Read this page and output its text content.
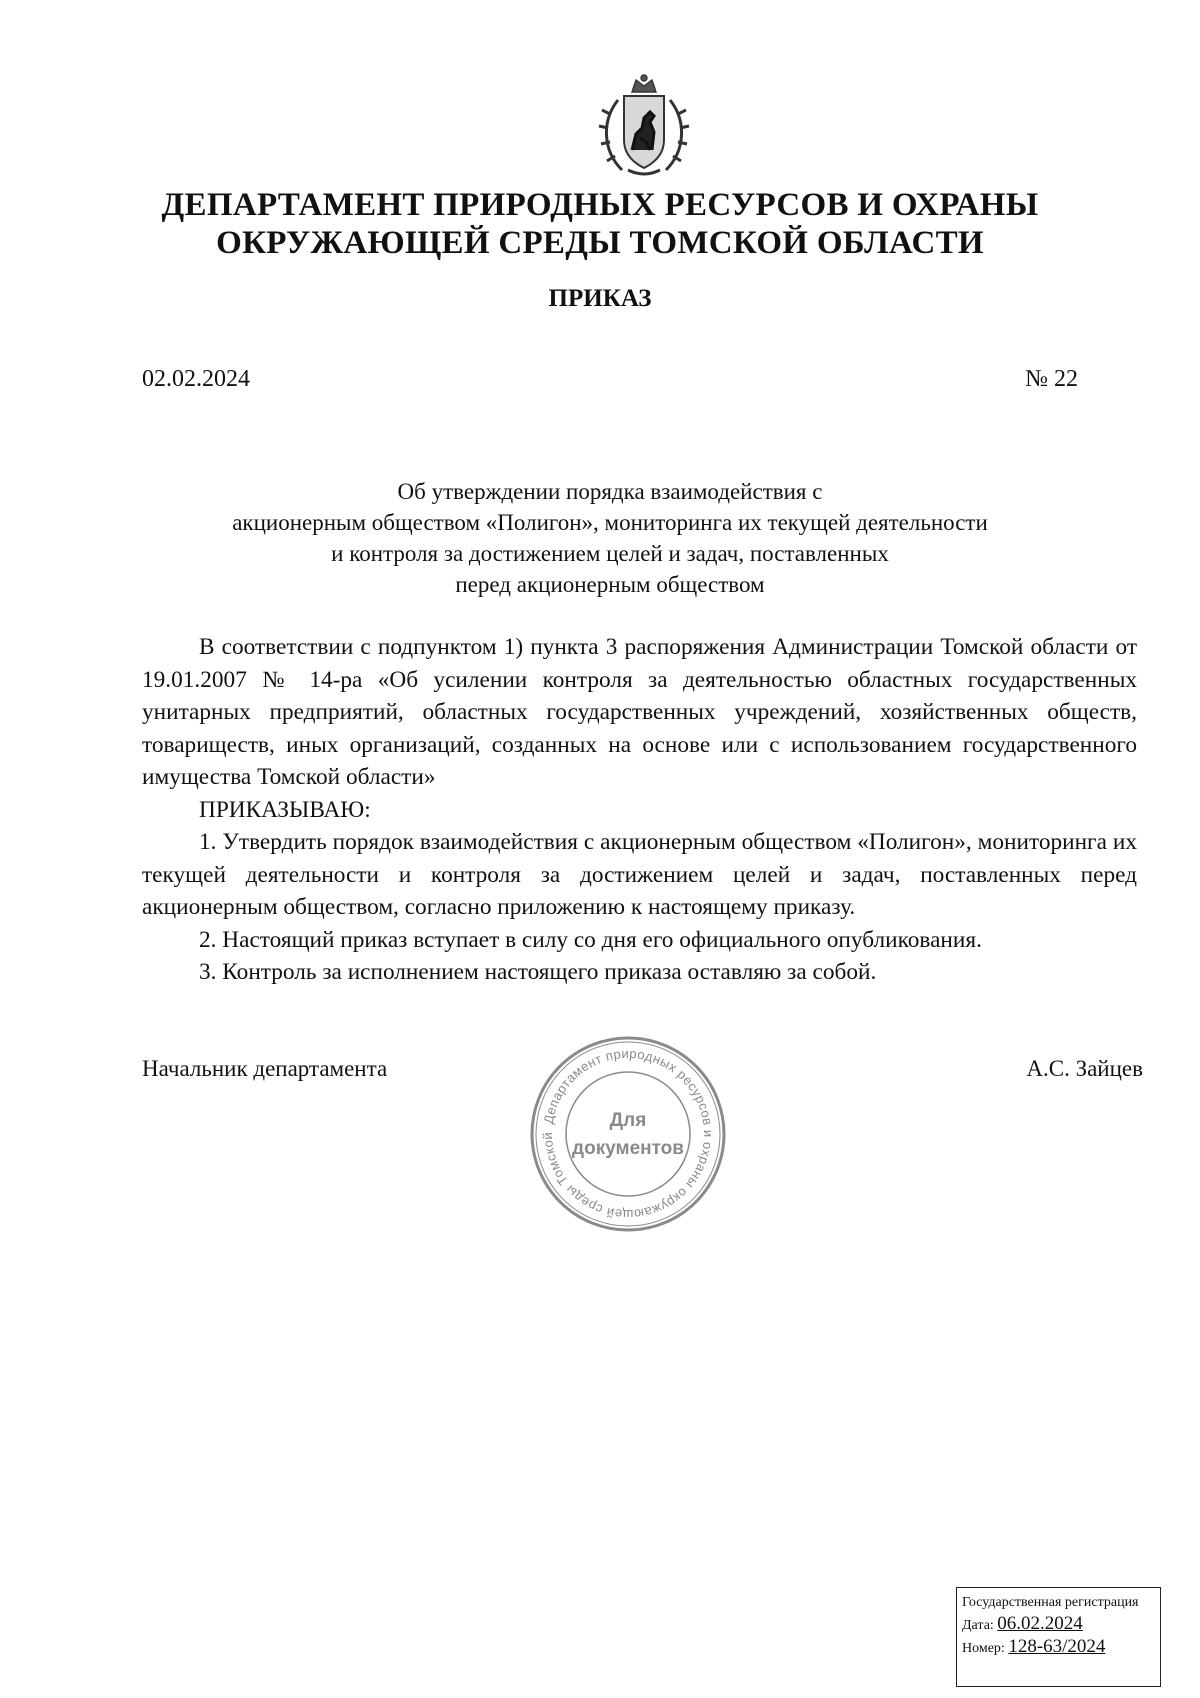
ДЕПАРТАМЕНТ ПРИРОДНЫХ РЕСУРСОВ И ОХРАНЫ
ОКРУЖАЮЩЕЙ СРЕДЫ ТОМСКОЙ ОБЛАСТИ
ПРИКАЗ
02.02.2024	№ 22
Об утверждении порядка взаимодействия с
акционерным обществом «Полигон», мониторинга их текущей деятельности
и контроля за достижением целей и задач, поставленных
перед акционерным обществом

В соответствии с подпунктом 1) пункта 3 распоряжения Администрации Томской области от 19.01.2007 № 14-ра «Об усилении контроля за деятельностью областных государственных унитарных предприятий, областных государственных учреждений, хозяйственных обществ, товариществ, иных организаций, созданных на основе или с использованием государственного имущества Томской области»

ПРИКАЗЫВАЮ:

1. Утвердить порядок взаимодействия с акционерным обществом «Полигон», мониторинга их текущей деятельности и контроля за достижением целей и задач, поставленных перед акционерным обществом, согласно приложению к настоящему приказу.

2. Настоящий приказ вступает в силу со дня его официального опубликования.

3. Контроль за исполнением настоящего приказа оставляю за собой.

Начальник департамента	А.С. Зайцев
Департамент природных ресурсов и охраны окружающей среды Томской
Для
документов
Государственная регистрация
Дата: 06.02.2024
Номер: 128-63/2024
